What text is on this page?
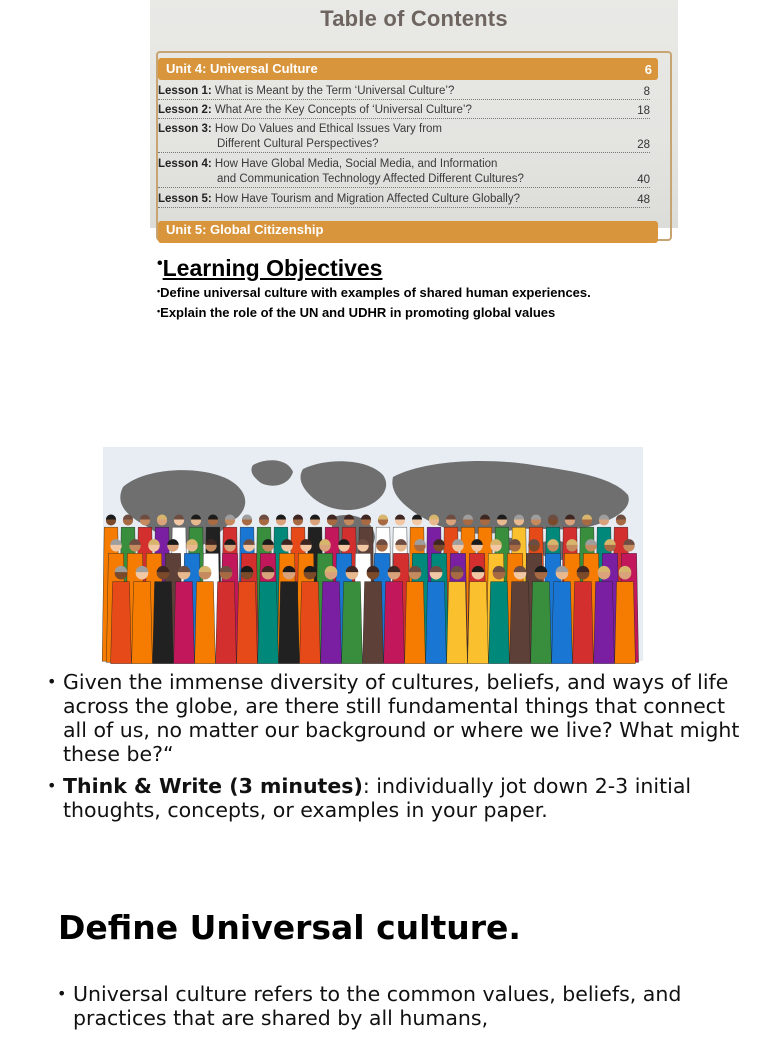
Table of Contents
Unit 4: Universal Culture	6
Lesson 1: What is Meant by the Term ‘Universal Culture’?	8
Lesson 2: What Are the Key Concepts of ‘Universal Culture’?	18
Lesson 3: How Do Values and Ethical Issues Vary from
Different Cultural Perspectives?	28
Lesson 4: How Have Global Media, Social Media, and Information
and Communication Technology Affected Different Cultures?	40
Lesson 5: How Have Tourism and Migration Affected Culture Globally?	48
Unit 5: Global Citizenship
•Learning Objectives
•Define universal culture with examples of shared human experiences.
•Explain the role of the UN and UDHR in promoting global values
• Given the immense diversity of cultures, beliefs, and ways of life across the globe, are there still fundamental things that connect all of us, no matter our background or where we live? What might these be?“
• Think & Write (3 minutes): individually jot down 2-3 initial thoughts, concepts, or examples in your paper.
Define Universal culture.
• Universal culture refers to the common values, beliefs, and practices that are shared by all humans,
